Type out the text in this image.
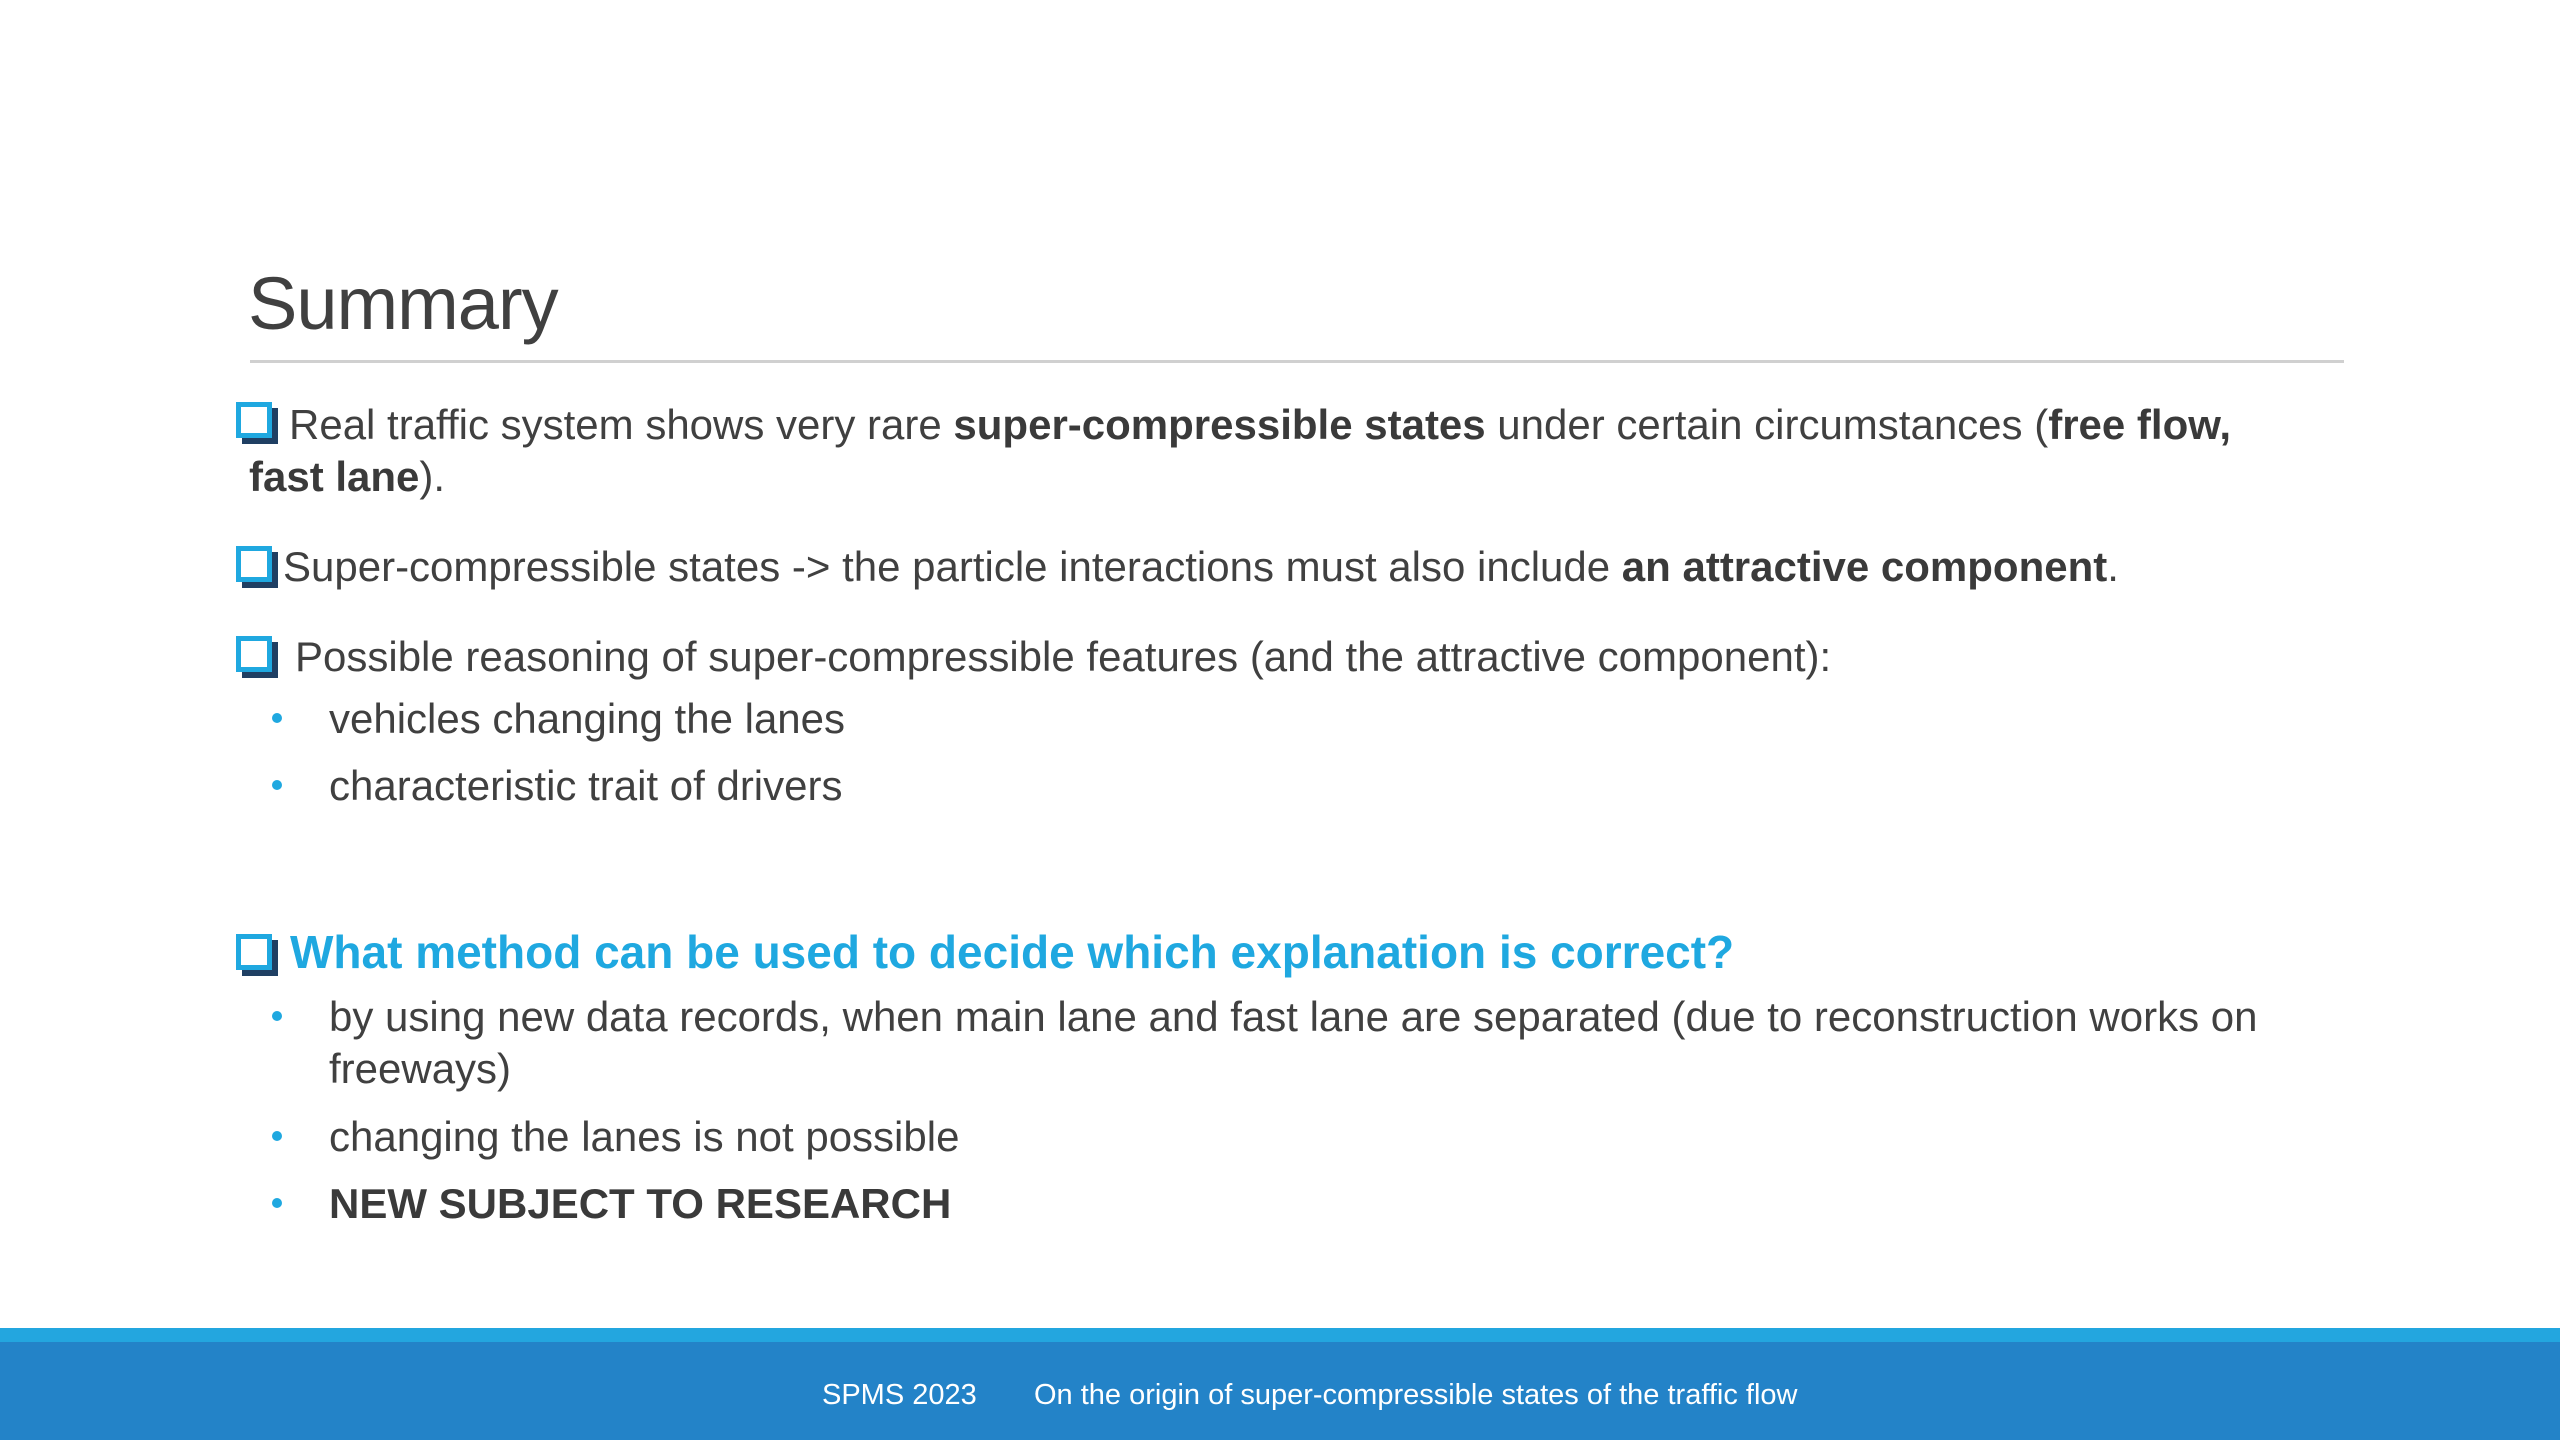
Summary
Real traffic system shows very rare super-compressible states under certain circumstances (free flow, fast lane).
Super-compressible states -> the particle interactions must also include an attractive component.
Possible reasoning of super-compressible features (and the attractive component):
vehicles changing the lanes
characteristic trait of drivers
What method can be used to decide which explanation is correct?
by using new data records, when main lane and fast lane are separated (due to reconstruction works on freeways)
changing the lanes is not possible
NEW SUBJECT TO RESEARCH
SPMS 2023 On the origin of super-compressible states of the traffic flow
